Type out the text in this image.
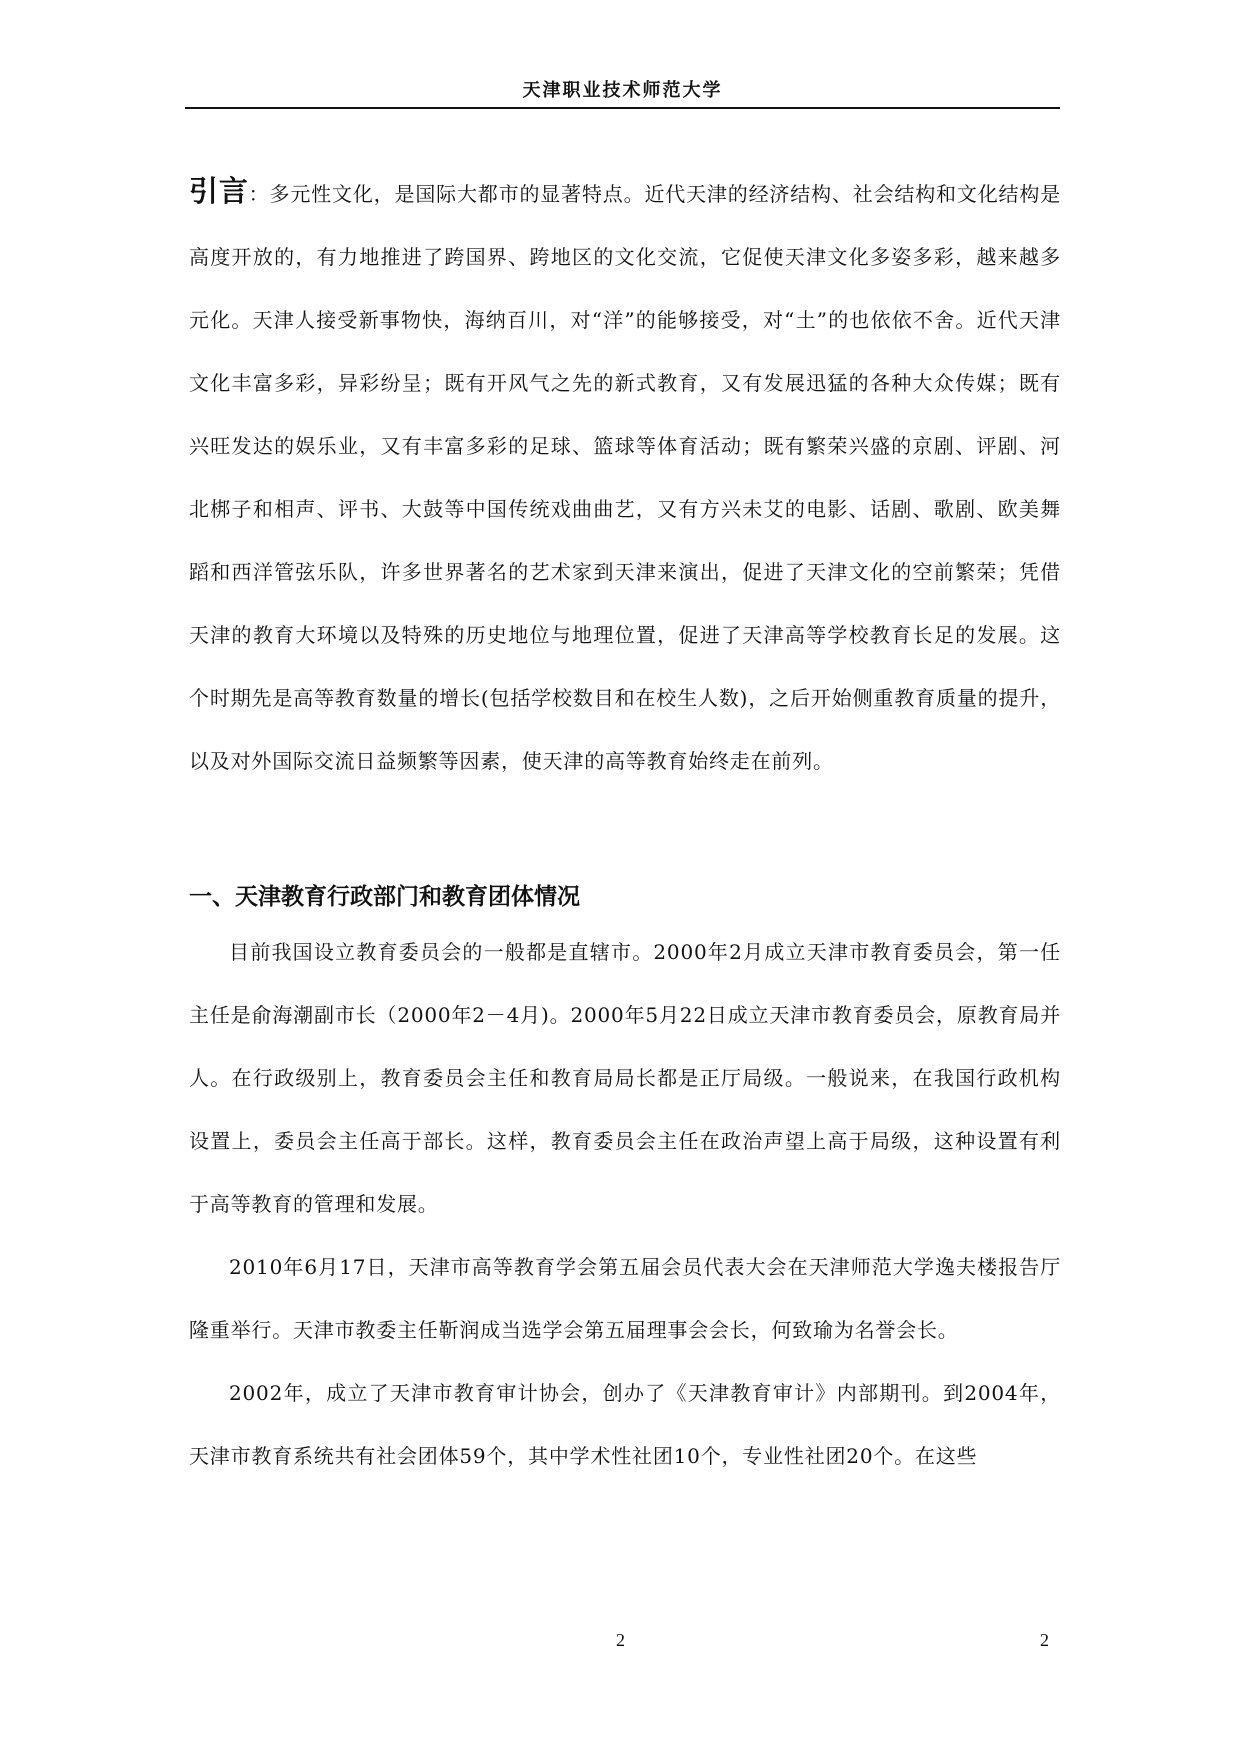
天津职业技术师范大学

引言：多元性文化，是国际大都市的显著特点。近代天津的经济结构、社会结构和文化结构是高度开放的，有力地推进了跨国界、跨地区的文化交流，它促使天津文化多姿多彩，越来越多元化。天津人接受新事物快，海纳百川，对“洋”的能够接受，对“土”的也依依不舍。近代天津文化丰富多彩，异彩纷呈；既有开风气之先的新式教育，又有发展迅猛的各种大众传媒；既有兴旺发达的娱乐业，又有丰富多彩的足球、篮球等体育活动；既有繁荣兴盛的京剧、评剧、河北梆子和相声、评书、大鼓等中国传统戏曲曲艺，又有方兴未艾的电影、话剧、歌剧、欧美舞蹈和西洋管弦乐队，许多世界著名的艺术家到天津来演出，促进了天津文化的空前繁荣；凭借天津的教育大环境以及特殊的历史地位与地理位置，促进了天津高等学校教育长足的发展。这个时期先是高等教育数量的增长(包括学校数目和在校生人数)，之后开始侧重教育质量的提升，以及对外国际交流日益频繁等因素，使天津的高等教育始终走在前列。

一、天津教育行政部门和教育团体情况

目前我国设立教育委员会的一般都是直辖市。2000年2月成立天津市教育委员会，第一任主任是俞海潮副市长（2000年2－4月)。2000年5月22日成立天津市教育委员会，原教育局并人。在行政级别上，教育委员会主任和教育局局长都是正厅局级。一般说来，在我国行政机构设置上，委员会主任高于部长。这样，教育委员会主任在政治声望上高于局级，这种设置有利于高等教育的管理和发展。

2010年6月17日，天津市高等教育学会第五届会员代表大会在天津师范大学逸夫楼报告厅隆重举行。天津市教委主任靳润成当选学会第五届理事会会长，何致瑜为名誉会长。

2002年，成立了天津市教育审计协会，创办了《天津教育审计》内部期刊。到2004年，天津市教育系统共有社会团体59个，其中学术性社团10个，专业性社团20个。在这些

2	2
